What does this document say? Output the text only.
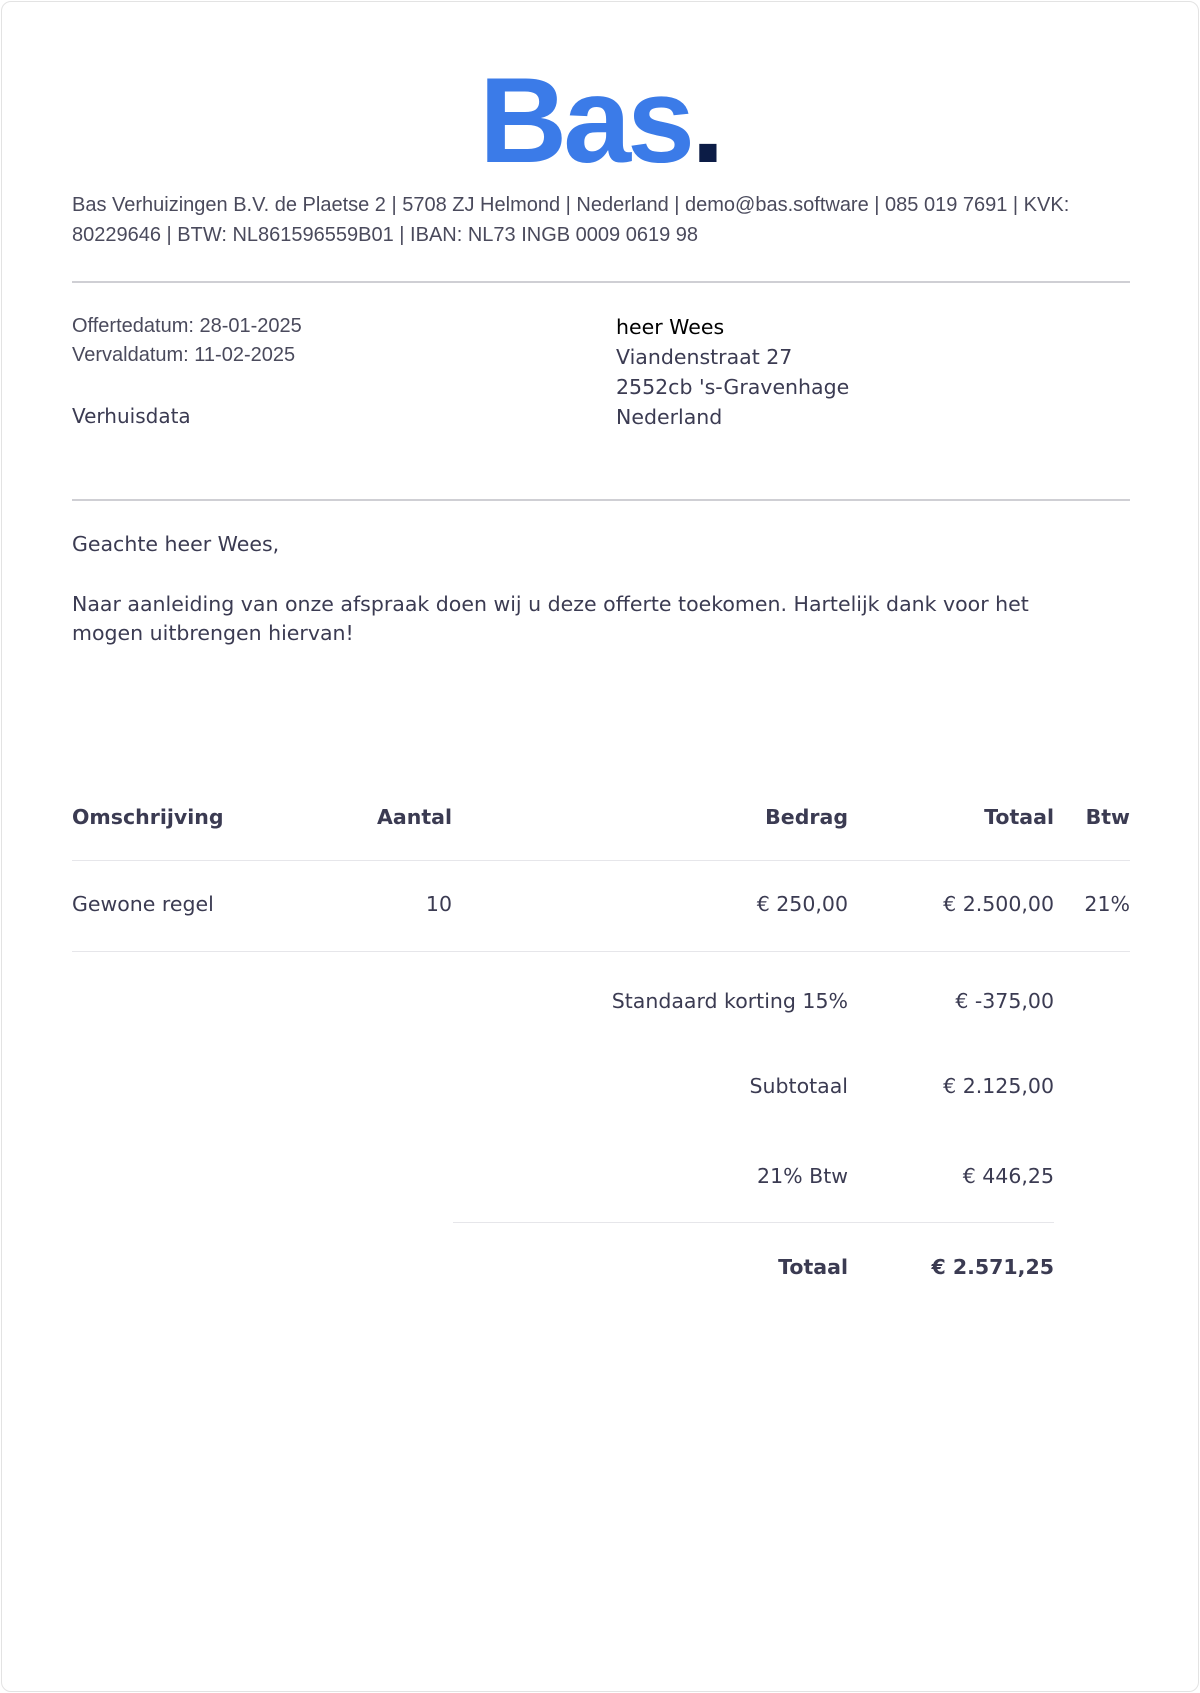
Bas.
Bas Verhuizingen B.V. de Plaetse 2 | 5708 ZJ Helmond | Nederland | demo@bas.software | 085 019 7691 | KVK: 80229646 | BTW: NL861596559B01 | IBAN: NL73 INGB 0009 0619 98
Offertedatum: 28-01-2025
Vervaldatum: 11-02-2025
Verhuisdata
heer Wees
Viandenstraat 27
2552cb 's-Gravenhage
Nederland
Geachte heer Wees,
Naar aanleiding van onze afspraak doen wij u deze offerte toekomen. Hartelijk dank voor het mogen uitbrengen hiervan!
Omschrijving	Aantal	Bedrag	Totaal Btw
Gewone regel	10	€ 250,00	€ 2.500,00 21%
Standaard korting 15%	€ -375,00
Subtotaal	€ 2.125,00
21% Btw	€ 446,25
Totaal	€ 2.571,25
